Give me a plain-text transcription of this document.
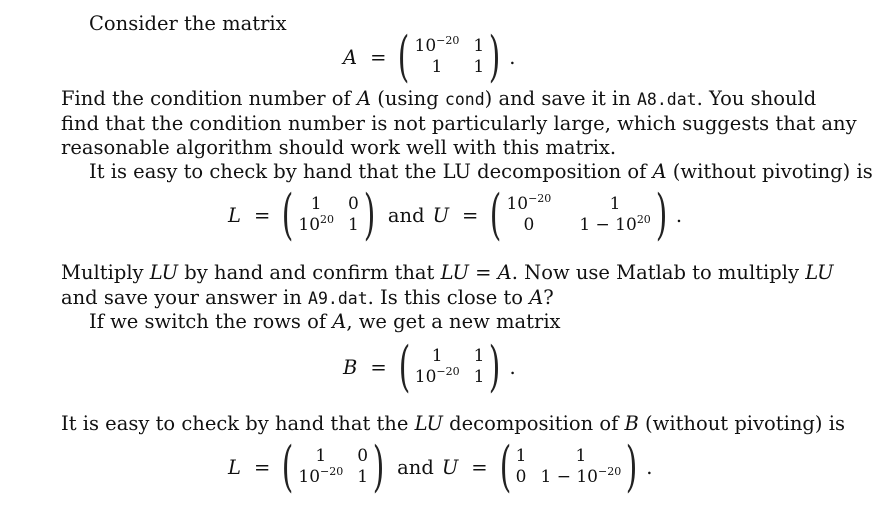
Consider the matrix
A = ( $10^{-20}$ 1
1	1 ) .
Find the condition number of A (using cond) and save it in A8.dat. You should
find that the condition number is not particularly large, which suggests that any
reasonable algorithm should work well with this matrix.
It is easy to check by hand that the LU decomposition of A (without pivoting) is
L = (	1	0
$10^{20}$ 1 ) and U = ( $10^{-20}$	1
0	$1 - 10^{20}$ ) .
Multiply LU by hand and confirm that LU = A. Now use Matlab to multiply LU
and save your answer in A9.dat. Is this close to A?
If we switch the rows of A, we get a new matrix
B = (	1	1
$10^{-20}$ 1 ) .
It is easy to check by hand that the LU decomposition of B (without pivoting) is
L = (	1	0
$10^{-20}$ 1 ) and U = ( 1	1
0 $1 - 10^{-20}$ ) .
